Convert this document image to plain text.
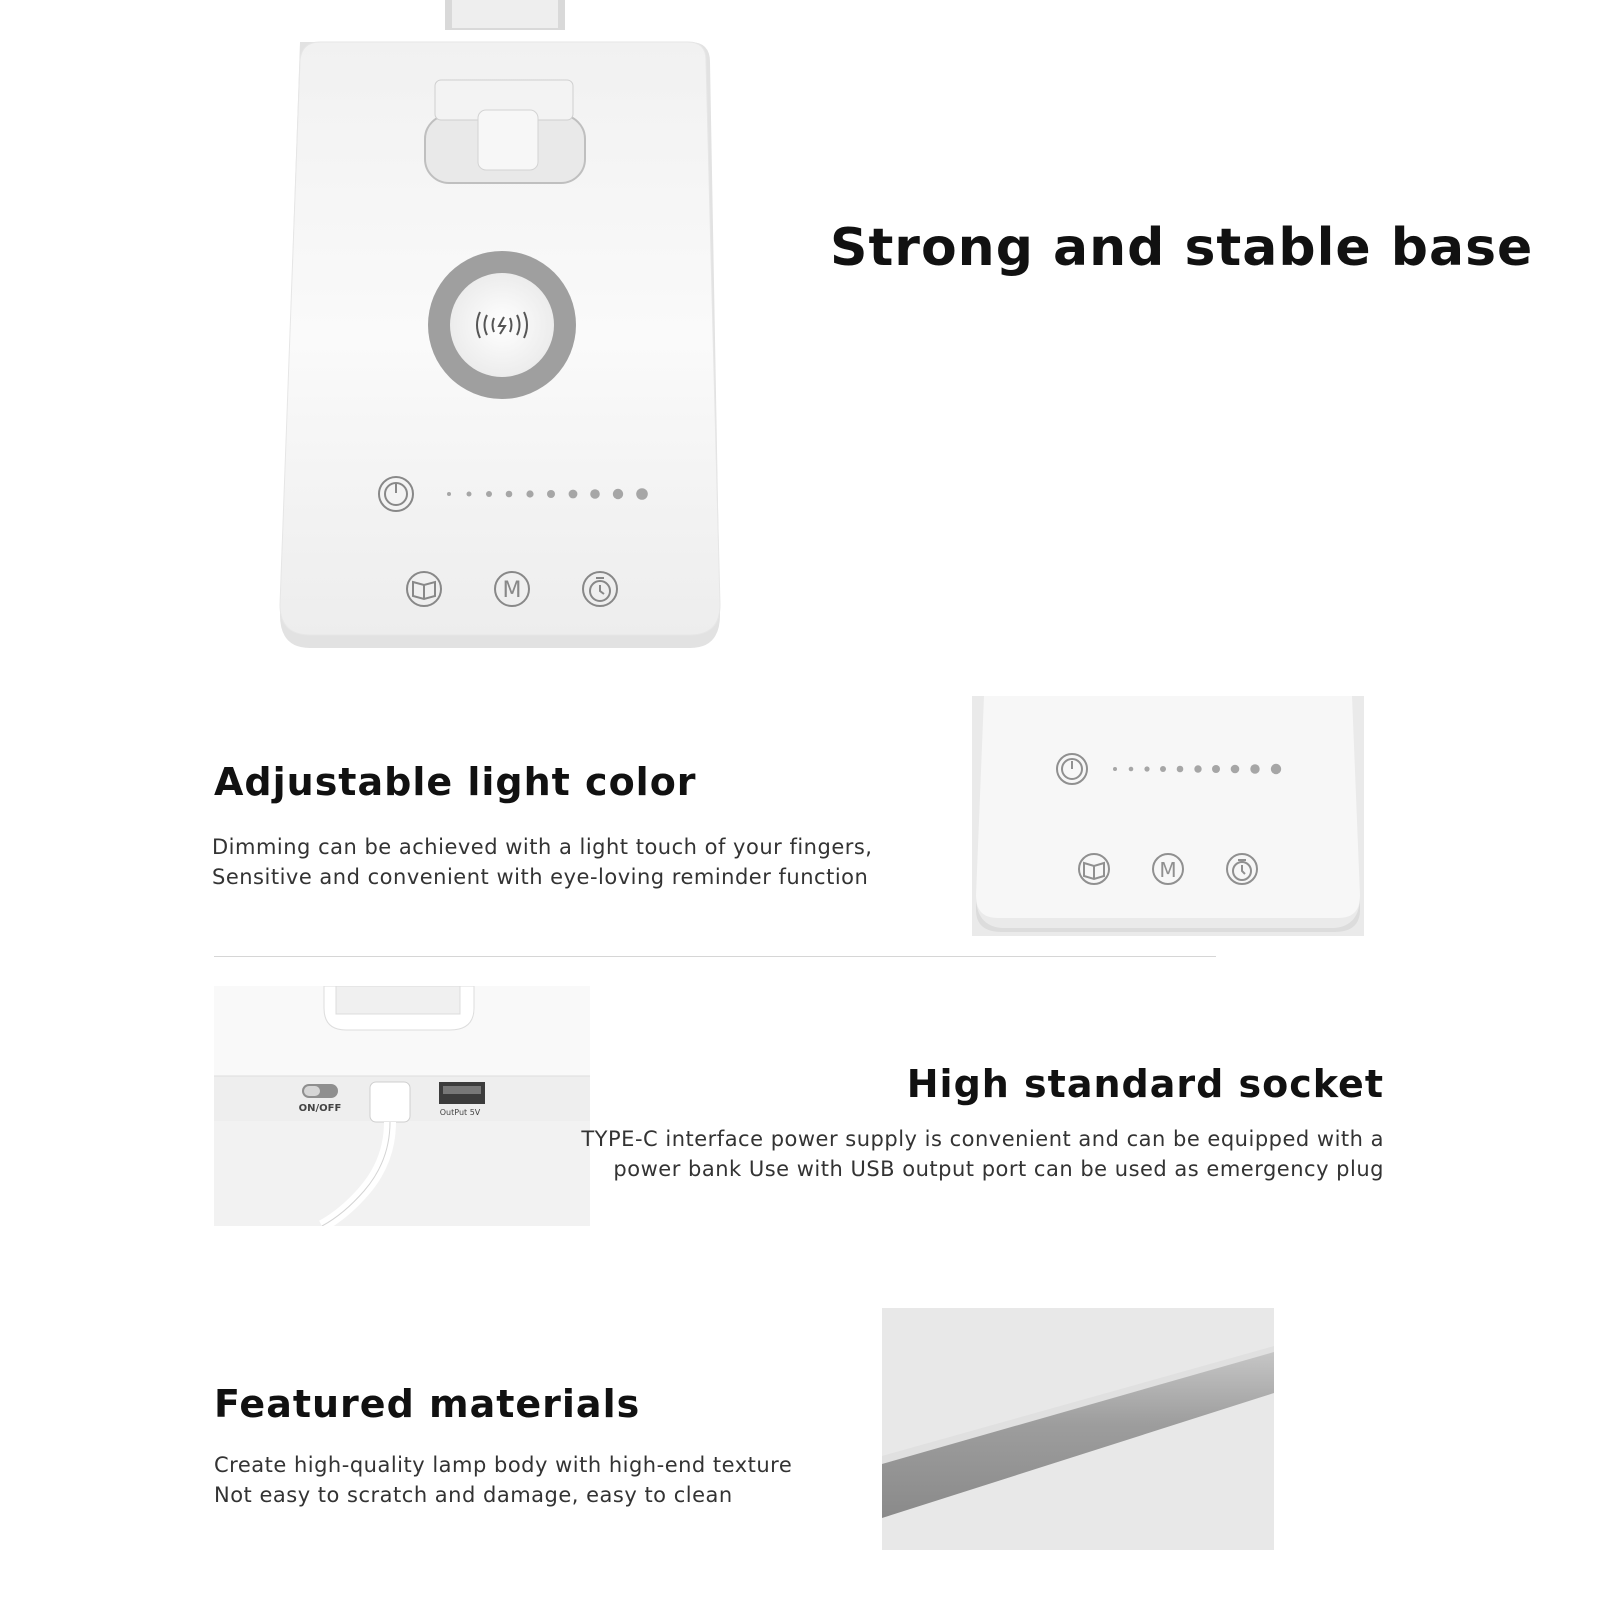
M
Strong and stable base
Adjustable light color

Dimming can be achieved with a light touch of your fingers,

Sensitive and convenient with eye-loving reminder function	M
ON/OFF	OutPut 5V
High standard socket

TYPE-C interface power supply is convenient and can be equipped with a

power bank Use with USB output port can be used as emergency plug

Featured materials

Create high-quality lamp body with high-end texture

Not easy to scratch and damage, easy to clean
